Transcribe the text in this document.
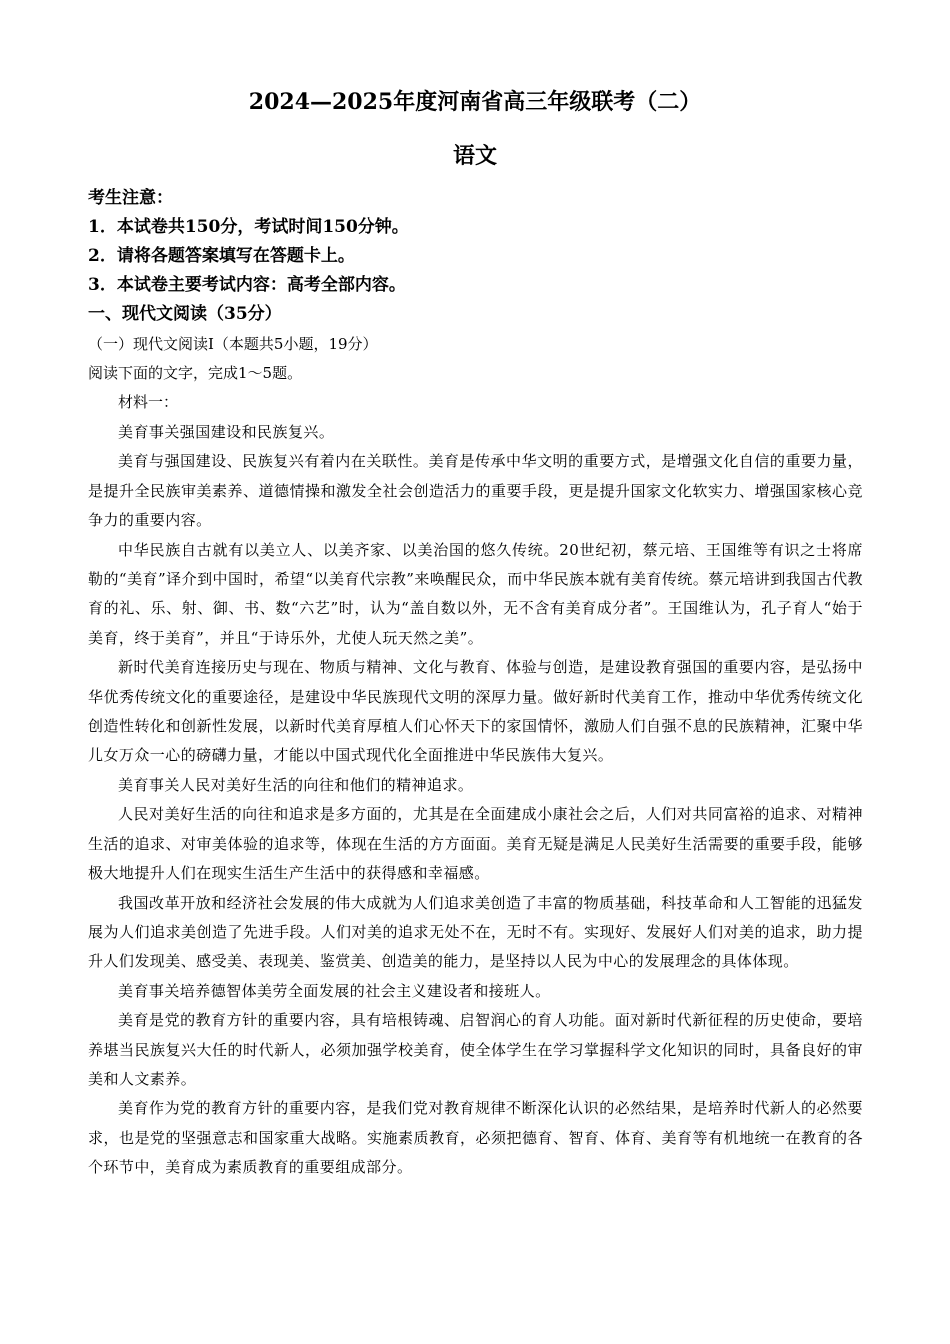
2024—2025年度河南省高三年级联考（二）
语文
考生注意：
1．本试卷共150分，考试时间150分钟。
2．请将各题答案填写在答题卡上。
3．本试卷主要考试内容：高考全部内容。
一、现代文阅读（35分）
（一）现代文阅读Ⅰ（本题共5小题，19分）
阅读下面的文字，完成1～5题。
材料一：

美育事关强国建设和民族复兴。

美育与强国建设、民族复兴有着内在关联性。美育是传承中华文明的重要方式，是增强文化自信的重要力量，是提升全民族审美素养、道德情操和激发全社会创造活力的重要手段，更是提升国家文化软实力、增强国家核心竞争力的重要内容。

中华民族自古就有以美立人、以美齐家、以美治国的悠久传统。20世纪初，蔡元培、王国维等有识之士将席勒的“美育”译介到中国时，希望“以美育代宗教”来唤醒民众，而中华民族本就有美育传统。蔡元培讲到我国古代教育的礼、乐、射、御、书、数“六艺”时，认为“盖自数以外，无不含有美育成分者”。王国维认为，孔子育人“始于美育，终于美育”，并且“于诗乐外，尤使人玩天然之美”。

新时代美育连接历史与现在、物质与精神、文化与教育、体验与创造，是建设教育强国的重要内容，是弘扬中华优秀传统文化的重要途径，是建设中华民族现代文明的深厚力量。做好新时代美育工作，推动中华优秀传统文化创造性转化和创新性发展，以新时代美育厚植人们心怀天下的家国情怀，激励人们自强不息的民族精神，汇聚中华儿女万众一心的磅礴力量，才能以中国式现代化全面推进中华民族伟大复兴。

美育事关人民对美好生活的向往和他们的精神追求。

人民对美好生活的向往和追求是多方面的，尤其是在全面建成小康社会之后，人们对共同富裕的追求、对精神生活的追求、对审美体验的追求等，体现在生活的方方面面。美育无疑是满足人民美好生活需要的重要手段，能够极大地提升人们在现实生活生产生活中的获得感和幸福感。

我国改革开放和经济社会发展的伟大成就为人们追求美创造了丰富的物质基础，科技革命和人工智能的迅猛发展为人们追求美创造了先进手段。人们对美的追求无处不在，无时不有。实现好、发展好人们对美的追求，助力提升人们发现美、感受美、表现美、鉴赏美、创造美的能力，是坚持以人民为中心的发展理念的具体体现。

美育事关培养德智体美劳全面发展的社会主义建设者和接班人。

美育是党的教育方针的重要内容，具有培根铸魂、启智润心的育人功能。面对新时代新征程的历史使命，要培养堪当民族复兴大任的时代新人，必须加强学校美育，使全体学生在学习掌握科学文化知识的同时，具备良好的审美和人文素养。

美育作为党的教育方针的重要内容，是我们党对教育规律不断深化认识的必然结果，是培养时代新人的必然要求，也是党的坚强意志和国家重大战略。实施素质教育，必须把德育、智育、体育、美育等有机地统一在教育的各个环节中，美育成为素质教育的重要组成部分。
